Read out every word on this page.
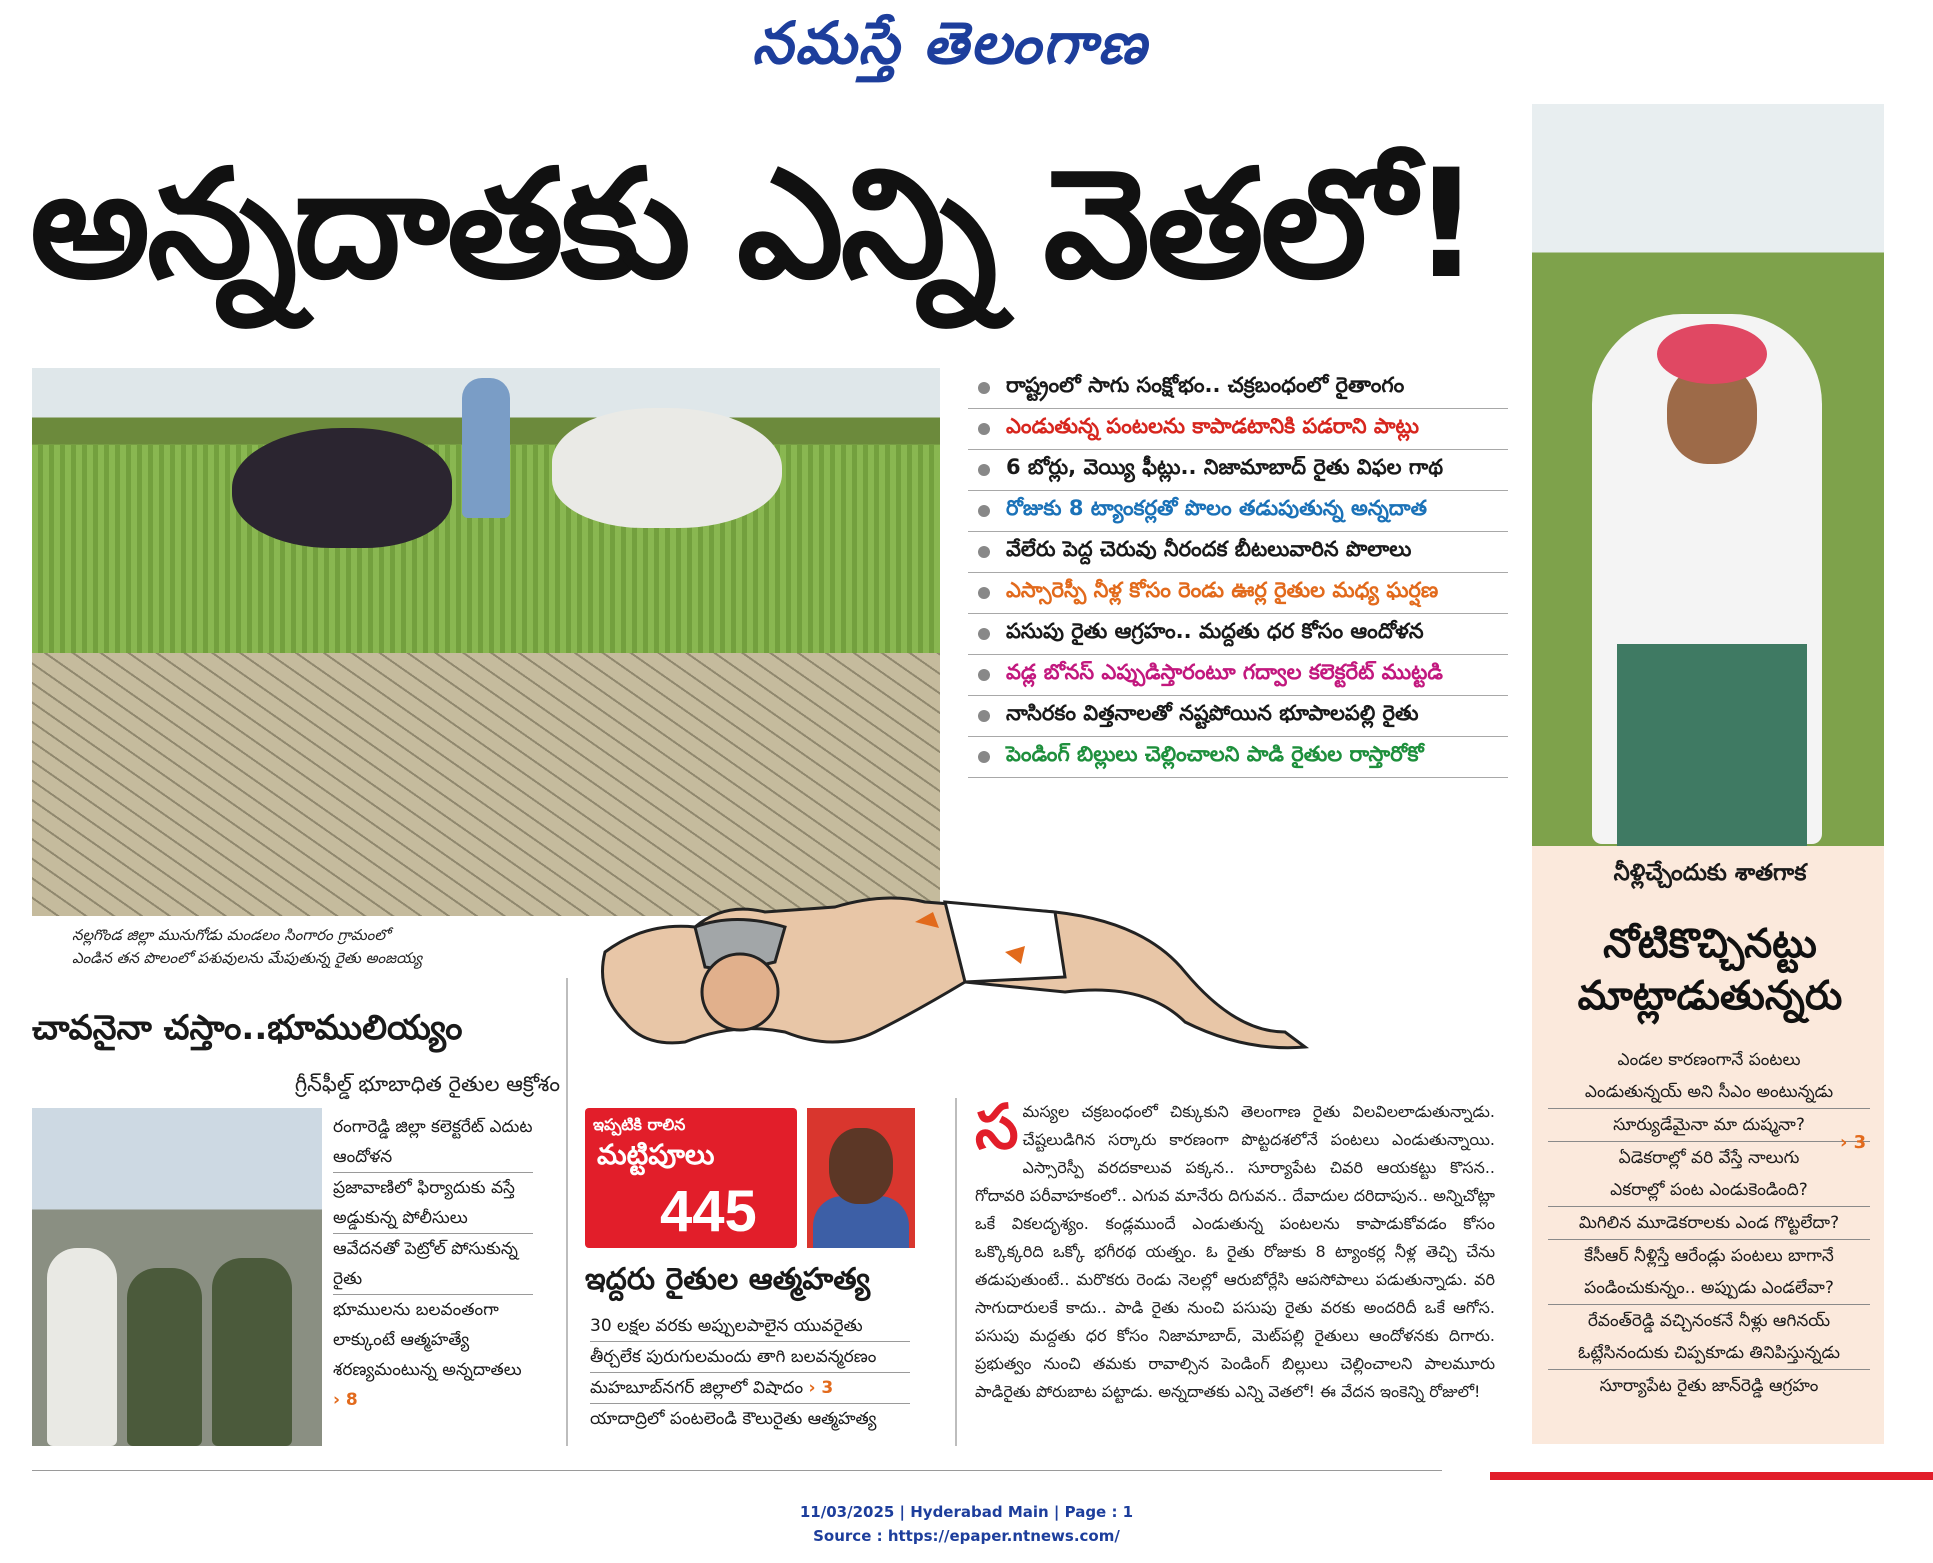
నమస్తే తెలంగాణ
అన్నదాతకు ఎన్ని వెతలో!
రాష్ట్రంలో సాగు సంక్షోభం.. చక్రబంధంలో రైతాంగం
ఎండుతున్న పంటలను కాపాడటానికి పడరాని పాట్లు
6 బోర్లు, వెయ్యి ఫీట్లు.. నిజామాబాద్ రైతు విఫల గాథ
రోజుకు 8 ట్యాంకర్లతో పొలం తడుపుతున్న అన్నదాత
వేలేరు పెద్ద చెరువు నీరందక బీటలువారిన పొలాలు
ఎస్సారెస్పీ నీళ్ల కోసం రెండు ఊర్ల రైతుల మధ్య ఘర్షణ
పసుపు రైతు ఆగ్రహం.. మద్దతు ధర కోసం ఆందోళన
వడ్ల బోనస్ ఎప్పుడిస్తారంటూ గద్వాల కలెక్టరేట్ ముట్టడి
నాసిరకం విత్తనాలతో నష్టపోయిన భూపాలపల్లి రైతు
పెండింగ్ బిల్లులు చెల్లించాలని పాడి రైతుల రాస్తారోకో
నల్లగొండ జిల్లా మునుగోడు మండలం సింగారం గ్రామంలో
ఎండిన తన పొలంలో పశువులను మేపుతున్న రైతు అంజయ్య
చావనైనా చస్తాం..భూములియ్యం
గ్రీన్‌ఫీల్డ్ భూబాధిత రైతుల ఆక్రోశం
రంగారెడ్డి జిల్లా కలెక్టరేట్ ఎదుట ఆందోళన
ప్రజావాణిలో ఫిర్యాదుకు వస్తే అడ్డుకున్న పోలీసులు
ఆవేదనతో పెట్రోల్ పోసుకున్న రైతు
భూములను బలవంతంగా లాక్కుంటే ఆత్మహత్యే శరణ్యమంటున్న అన్నదాతలు › 8
ఇప్పటికి రాలిన
మట్టిపూలు
445
ఇద్దరు రైతుల ఆత్మహత్య
30 లక్షల వరకు అప్పులపాలైన యువరైతు
తీర్చలేక పురుగులమందు తాగి బలవన్మరణం
మహబూబ్‌నగర్ జిల్లాలో విషాదం › 3
యాదాద్రిలో పంటలెండి కౌలురైతు ఆత్మహత్య
సమస్యల చక్రబంధంలో చిక్కుకుని తెలంగాణ రైతు విలవిలలాడుతున్నాడు. చేష్టలుడిగిన సర్కారు కారణంగా పొట్టదశలోనే పంటలు ఎండుతున్నాయి. ఎస్సారెస్పీ వరదకాలువ పక్కన.. సూర్యాపేట చివరి ఆయకట్టు కొసన.. గోదావరి పరీవాహకంలో.. ఎగువ మానేరు దిగువన.. దేవాదుల దరిదాపున.. అన్నిచోట్లా ఒకే వికలదృశ్యం. కండ్లముందే ఎండుతున్న పంటలను కాపాడుకోవడం కోసం ఒక్కొక్కరిది ఒక్కో భగీరథ యత్నం. ఓ రైతు రోజుకు 8 ట్యాంకర్ల నీళ్ల తెచ్చి చేను తడుపుతుంటే.. మరొకరు రెండు నెలల్లో ఆరుబోర్లేసి ఆపసోపాలు పడుతున్నాడు. వరి సాగుదారులకే కాదు.. పాడి రైతు నుంచి పసుపు రైతు వరకు అందరిదీ ఒకే ఆగోస. పసుపు మద్దతు ధర కోసం నిజామాబాద్, మెట్‌పల్లి రైతులు ఆందోళనకు దిగారు. ప్రభుత్వం నుంచి తమకు రావాల్సిన పెండింగ్ బిల్లులు చెల్లించాలని పాలమూరు పాడిరైతు పోరుబాట పట్టాడు. అన్నదాతకు ఎన్ని వెతలో! ఈ వేదన ఇంకెన్ని రోజులో!
నీళ్లిచ్చేందుకు శాతగాక
నోటికొచ్చినట్టు
మాట్లాడుతున్నరు
ఎండల కారణంగానే పంటలు
ఎండుతున్నయ్ అని సీఎం అంటున్నడు
సూర్యుడేమైనా మా దుష్మనా?
ఏడెకరాల్లో వరి వేస్తే నాలుగు
ఎకరాల్లో పంట ఎండుకెండింది?
మిగిలిన మూడెకరాలకు ఎండ గొట్టలేదా?
కేసీఆర్ నీళ్లిస్తే ఆరేండ్లు పంటలు బాగానే
పండించుకున్నం.. అప్పుడు ఎండలేవా?
రేవంత్‌రెడ్డి వచ్చినంకనే నీళ్లు ఆగినయ్
ఓట్లేసినందుకు చిప్పకూడు తినిపిస్తున్నడు
సూర్యాపేట రైతు జాన్‌రెడ్డి ఆగ్రహం
› 3
11/03/2025 | Hyderabad Main | Page : 1
Source : https://epaper.ntnews.com/
